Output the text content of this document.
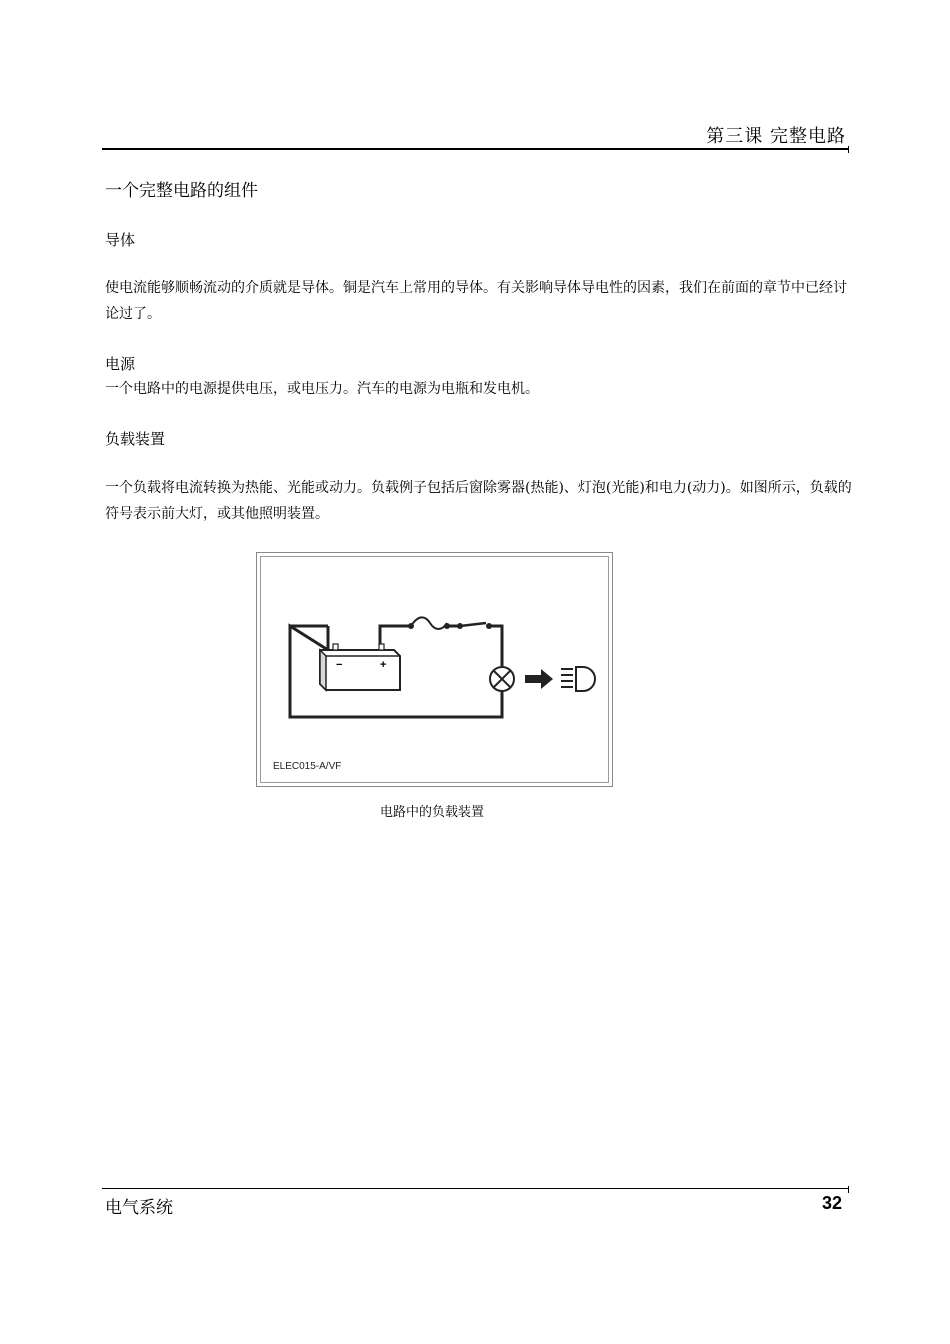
第三课 完整电路
一个完整电路的组件
导体
使电流能够顺畅流动的介质就是导体。铜是汽车上常用的导体。有关影响导体导电性的因素，我们在前面的章节中已经讨论过了。
电源
一个电路中的电源提供电压，或电压力。汽车的电源为电瓶和发电机。
负载装置
一个负载将电流转换为热能、光能或动力。负载例子包括后窗除雾器(热能)、灯泡(光能)和电力(动力)。如图所示，负载的符号表示前大灯，或其他照明装置。
−	+
ELEC015-A/VF
电路中的负载装置
电气系统	32
